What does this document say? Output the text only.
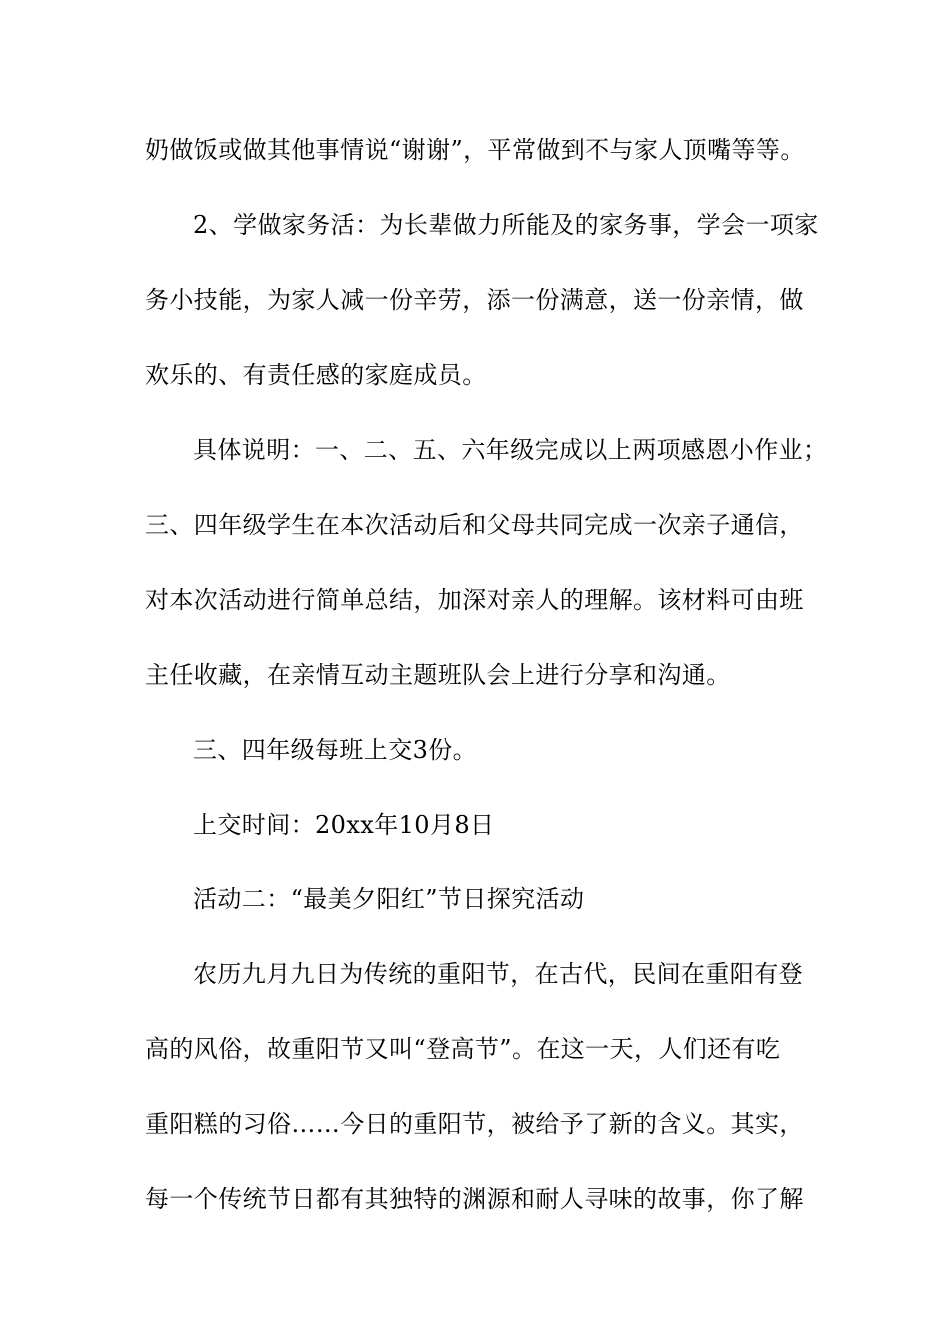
奶做饭或做其他事情说“谢谢”，平常做到不与家人顶嘴等等。
2、学做家务活：为长辈做力所能及的家务事，学会一项家
务小技能，为家人减一份辛劳，添一份满意，送一份亲情，做
欢乐的、有责任感的家庭成员。
具体说明：一、二、五、六年级完成以上两项感恩小作业；
三、四年级学生在本次活动后和父母共同完成一次亲子通信，
对本次活动进行简单总结，加深对亲人的理解。该材料可由班
主任收藏，在亲情互动主题班队会上进行分享和沟通。
三、四年级每班上交3份。
上交时间：20xx年10月8日
活动二：“最美夕阳红”节日探究活动
农历九月九日为传统的重阳节，在古代，民间在重阳有登
高的风俗，故重阳节又叫“登高节”。在这一天，人们还有吃
重阳糕的习俗……今日的重阳节，被给予了新的含义。其实，
每一个传统节日都有其独特的渊源和耐人寻味的故事，你了解
